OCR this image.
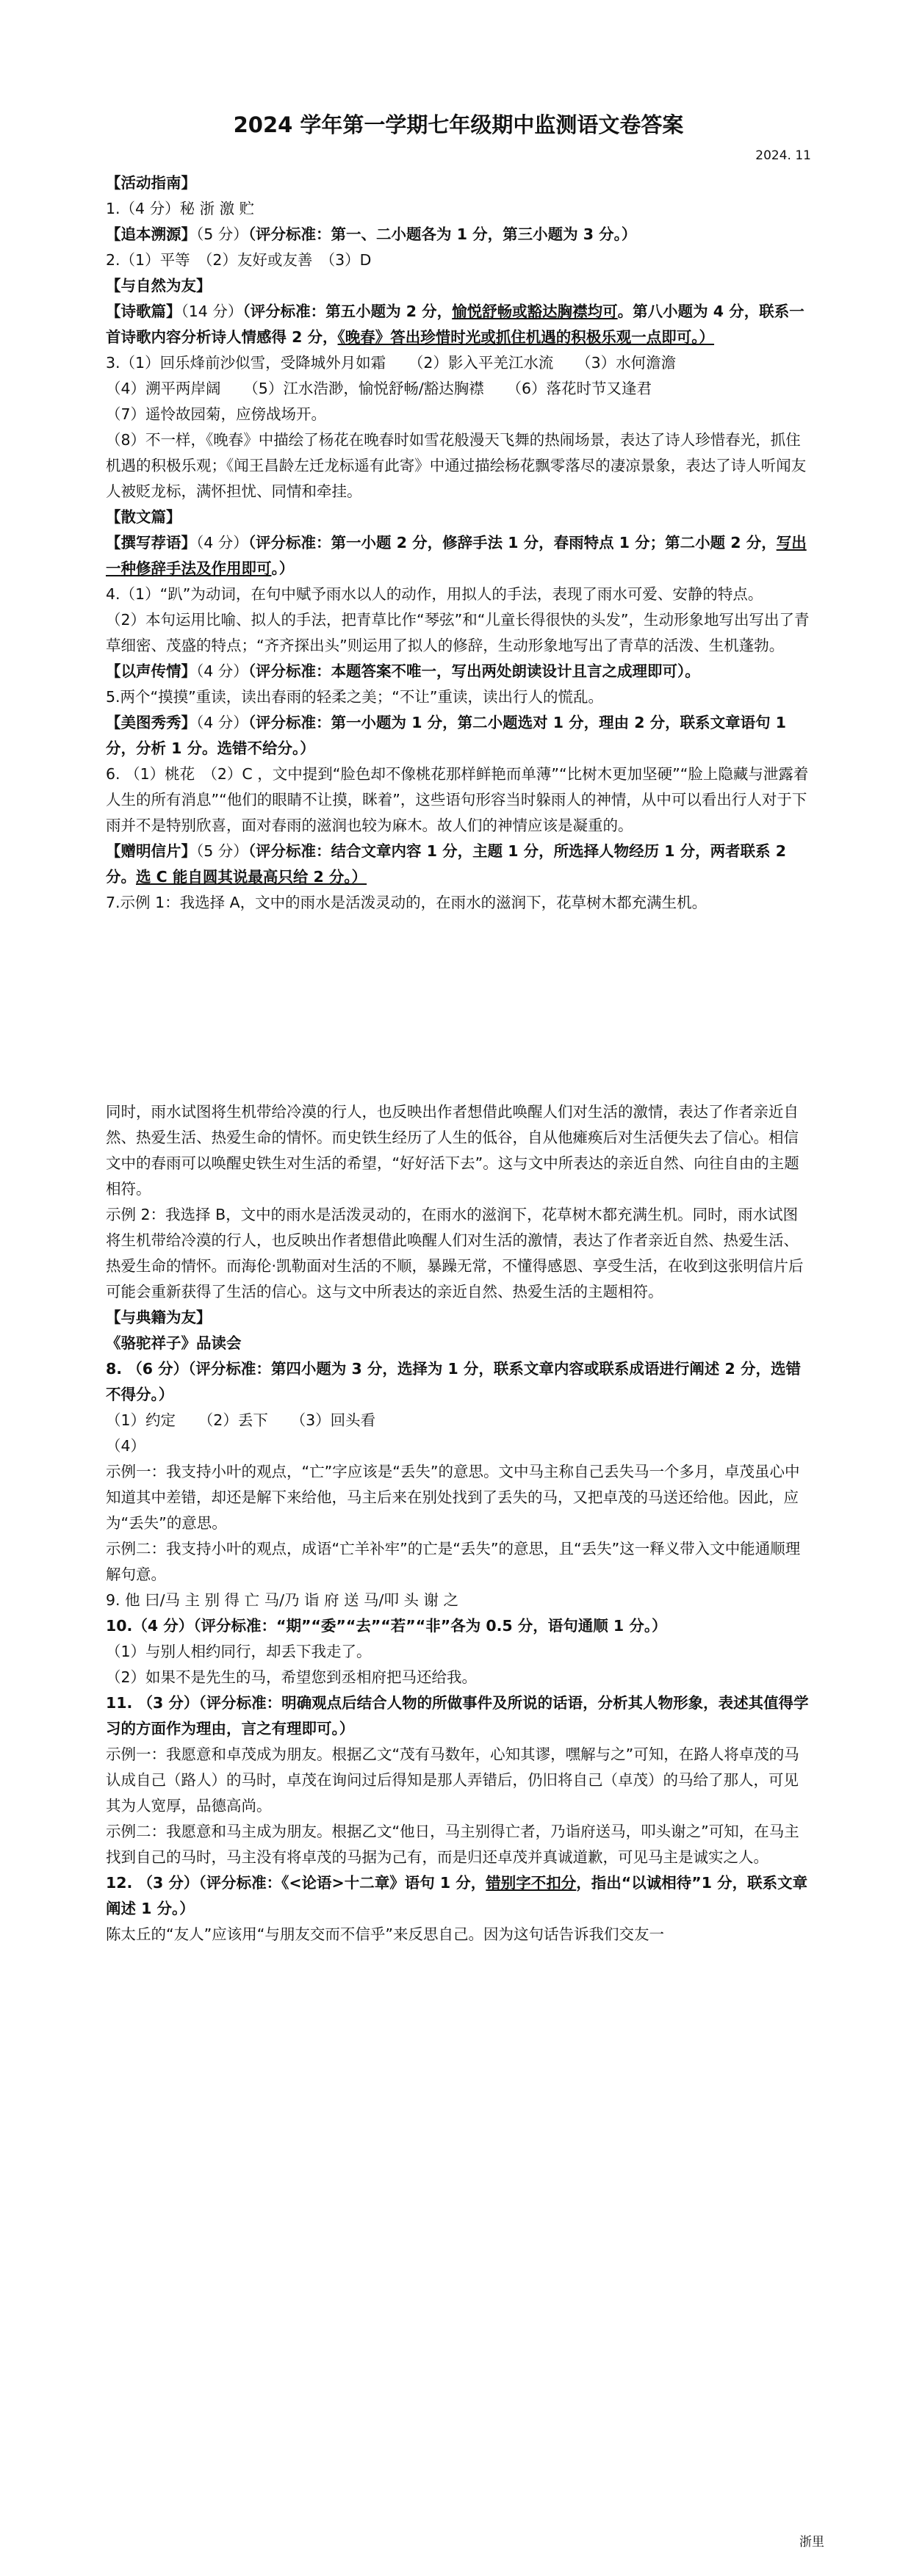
2024 学年第一学期七年级期中监测语文卷答案
2024. 11

【活动指南】

1.（4 分）秘 浙 激 贮

【追本溯源】（5 分）（评分标准：第一、二小题各为 1 分，第三小题为 3 分。）

2.（1）平等　（2）友好或友善　（3）D

【与自然为友】

【诗歌篇】（14 分）（评分标准：第五小题为 2 分，愉悦舒畅或豁达胸襟均可。第八小题为 4 分，联系一首诗歌内容分析诗人情感得 2 分，《晚春》答出珍惜时光或抓住机遇的积极乐观一点即可。）

3.（1）回乐烽前沙似雪，受降城外月如霜　　（2）影入平羌江水流　　（3）水何澹澹

（4）溯平两岸阔　　（5）江水浩渺，愉悦舒畅/豁达胸襟　　（6）落花时节又逢君

（7）遥怜故园菊，应傍战场开。

（8）不一样，《晚春》中描绘了杨花在晚春时如雪花般漫天飞舞的热闹场景，表达了诗人珍惜春光，抓住机遇的积极乐观；《闻王昌龄左迁龙标遥有此寄》中通过描绘杨花飘零落尽的凄凉景象，表达了诗人听闻友人被贬龙标，满怀担忧、同情和牵挂。

【散文篇】

【撰写荐语】（4 分）（评分标准：第一小题 2 分，修辞手法 1 分，春雨特点 1 分；第二小题 2 分，写出一种修辞手法及作用即可。）

4.（1）“趴”为动词，在句中赋予雨水以人的动作，用拟人的手法，表现了雨水可爱、安静的特点。

（2）本句运用比喻、拟人的手法，把青草比作“琴弦”和“儿童长得很快的头发”，生动形象地写出写出了青草细密、茂盛的特点；“齐齐探出头”则运用了拟人的修辞，生动形象地写出了青草的活泼、生机蓬勃。

【以声传情】（4 分）（评分标准：本题答案不唯一，写出两处朗读设计且言之成理即可）。

5.两个“摸摸”重读，读出春雨的轻柔之美；“不让”重读，读出行人的慌乱。

【美图秀秀】（4 分）（评分标准：第一小题为 1 分，第二小题选对 1 分，理由 2 分，联系文章语句 1 分，分析 1 分。选错不给分。）

6. （1）桃花　（2）C ，文中提到“脸色却不像桃花那样鲜艳而单薄”“比树木更加坚硬”“脸上隐藏与泄露着人生的所有消息”“他们的眼睛不让摸，眯着”，这些语句形容当时躲雨人的神情，从中可以看出行人对于下雨并不是特别欣喜，面对春雨的滋润也较为麻木。故人们的神情应该是凝重的。

【赠明信片】（5 分）（评分标准：结合文章内容 1 分，主题 1 分，所选择人物经历 1 分，两者联系 2 分。选 C 能自圆其说最高只给 2 分。）

7.示例 1：我选择 A，文中的雨水是活泼灵动的，在雨水的滋润下，花草树木都充满生机。

同时，雨水试图将生机带给冷漠的行人，也反映出作者想借此唤醒人们对生活的激情，表达了作者亲近自然、热爱生活、热爱生命的情怀。而史铁生经历了人生的低谷，自从他瘫痪后对生活便失去了信心。相信文中的春雨可以唤醒史铁生对生活的希望，“好好活下去”。这与文中所表达的亲近自然、向往自由的主题相符。

示例 2：我选择 B，文中的雨水是活泼灵动的，在雨水的滋润下，花草树木都充满生机。同时，雨水试图将生机带给冷漠的行人，也反映出作者想借此唤醒人们对生活的激情，表达了作者亲近自然、热爱生活、热爱生命的情怀。而海伦·凯勒面对生活的不顺，暴躁无常，不懂得感恩、享受生活，在收到这张明信片后可能会重新获得了生活的信心。这与文中所表达的亲近自然、热爱生活的主题相符。

【与典籍为友】

《骆驼祥子》品读会

8. （6 分）（评分标准：第四小题为 3 分，选择为 1 分，联系文章内容或联系成语进行阐述 2 分，选错不得分。）

（1）约定　　（2）丢下　　（3）回头看

（4）

示例一：我支持小叶的观点，“亡”字应该是“丢失”的意思。文中马主称自己丢失马一个多月，卓茂虽心中知道其中差错，却还是解下来给他，马主后来在别处找到了丢失的马，又把卓茂的马送还给他。因此，应为“丢失”的意思。

示例二：我支持小叶的观点，成语“亡羊补牢”的亡是“丢失”的意思，且“丢失”这一释义带入文中能通顺理解句意。

9. 他 曰/马 主 别 得 亡 马/乃 诣 府 送 马/叩 头 谢 之

10.（4 分）（评分标准：“期”“委”“去”“若”“非”各为 0.5 分，语句通顺 1 分。）

（1）与别人相约同行，却丢下我走了。

（2）如果不是先生的马，希望您到丞相府把马还给我。

11. （3 分）（评分标准：明确观点后结合人物的所做事件及所说的话语，分析其人物形象，表述其值得学习的方面作为理由，言之有理即可。）

示例一：我愿意和卓茂成为朋友。根据乙文“茂有马数年，心知其谬，嘿解与之”可知，在路人将卓茂的马认成自己（路人）的马时，卓茂在询问过后得知是那人弄错后，仍旧将自己（卓茂）的马给了那人，可见其为人宽厚，品德高尚。

示例二：我愿意和马主成为朋友。根据乙文“他日，马主别得亡者，乃诣府送马，叩头谢之”可知，在马主找到自己的马时，马主没有将卓茂的马据为己有，而是归还卓茂并真诚道歉，可见马主是诚实之人。

12. （3 分）（评分标准：《<论语>十二章》语句 1 分，错别字不扣分，指出“以诚相待”1 分，联系文章阐述 1 分。）

陈太丘的“友人”应该用“与朋友交而不信乎”来反思自己。因为这句话告诉我们交友一

浙里
